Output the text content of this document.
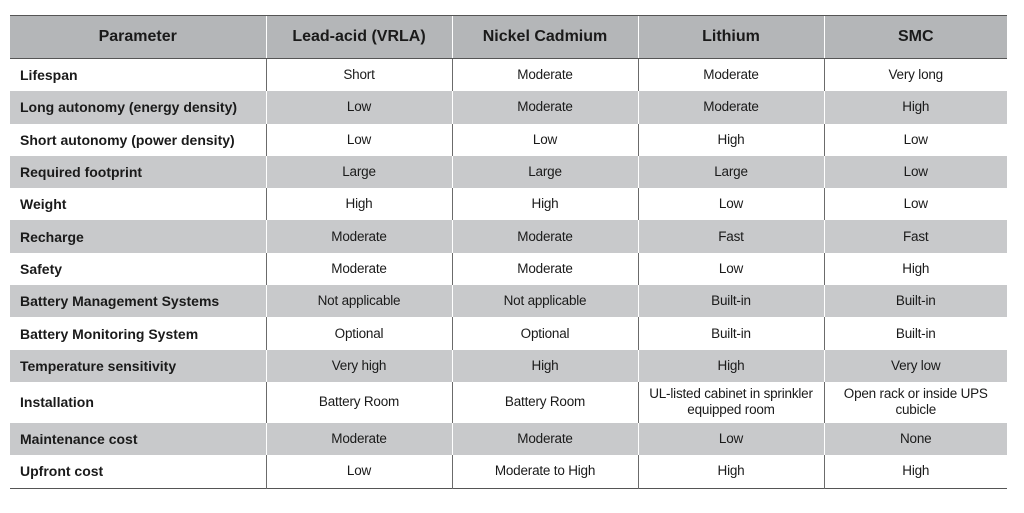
Parameter	Lead-acid (VRLA)	Nickel Cadmium	Lithium	SMC
Lifespan	Short	Moderate	Moderate	Very long
Long autonomy (energy density)	Low	Moderate	Moderate	High
Short autonomy (power density)	Low	Low	High	Low
Required footprint	Large	Large	Large	Low
Weight	High	High	Low	Low
Recharge	Moderate	Moderate	Fast	Fast
Safety	Moderate	Moderate	Low	High
Battery Management Systems	Not applicable	Not applicable	Built-in	Built-in
Battery Monitoring System	Optional	Optional	Built-in	Built-in
Temperature sensitivity	Very high	High	High	Very low
Installation	Battery Room	Battery Room	UL-listed cabinet in sprinkler equipped room	Open rack or inside UPS cubicle
Maintenance cost	Moderate	Moderate	Low	None
Upfront cost	Low	Moderate to High	High	High
